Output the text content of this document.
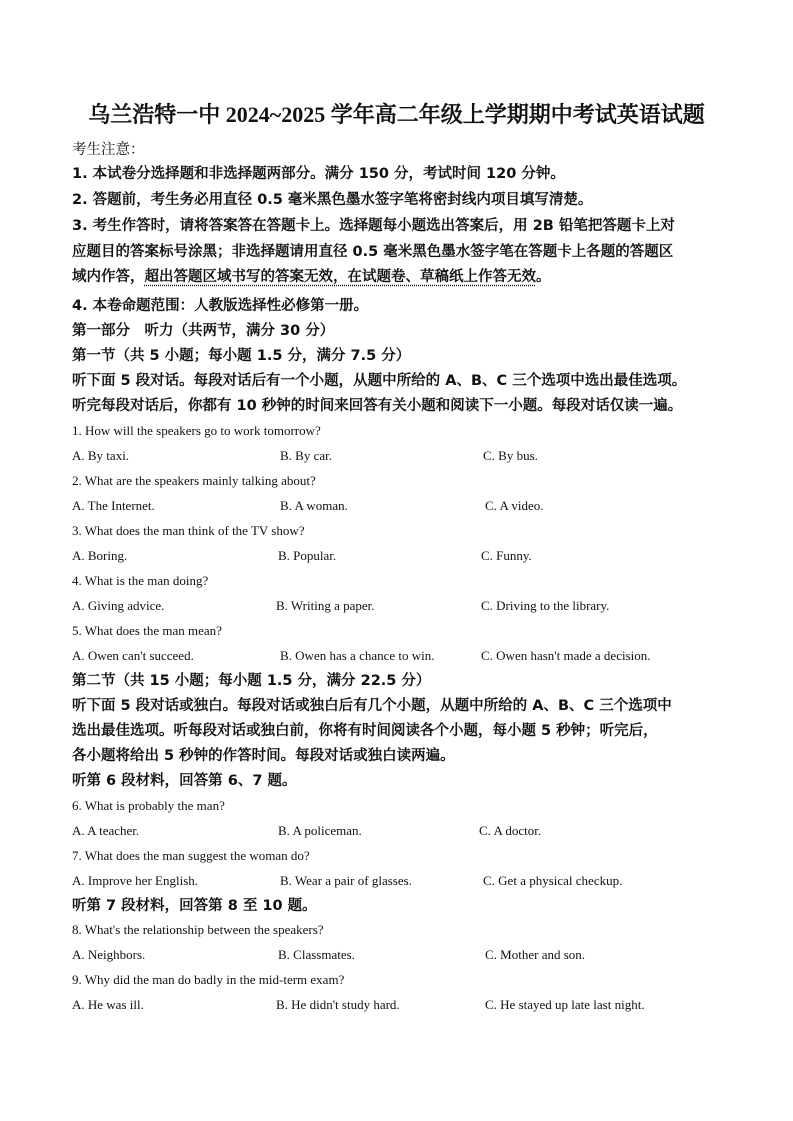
乌兰浩特一中 2024~2025 学年高二年级上学期期中考试英语试题
考生注意：
1. 本试卷分选择题和非选择题两部分。满分 150 分，考试时间 120 分钟。
2. 答题前，考生务必用直径 0.5 毫米黑色墨水签字笔将密封线内项目填写清楚。
3. 考生作答时，请将答案答在答题卡上。选择题每小题选出答案后，用 2B 铅笔把答题卡上对
应题目的答案标号涂黑；非选择题请用直径 0.5 毫米黑色墨水签字笔在答题卡上各题的答题区
域内作答，超出答题区域书写的答案无效，在试题卷、草稿纸上作答无效。
4. 本卷命题范围：人教版选择性必修第一册。
第一部分　听力（共两节，满分 30 分）
第一节（共 5 小题；每小题 1.5 分，满分 7.5 分）
听下面 5 段对话。每段对话后有一个小题，从题中所给的 A、B、C 三个选项中选出最佳选项。
听完每段对话后，你都有 10 秒钟的时间来回答有关小题和阅读下一小题。每段对话仅读一遍。
1. How will the speakers go to work tomorrow?
A. By taxi.	B. By car.	C. By bus.
2. What are the speakers mainly talking about?
A. The Internet.	B. A woman.	C. A video.
3. What does the man think of the TV show?
A. Boring.	B. Popular.	C. Funny.
4. What is the man doing?
A. Giving advice.	B. Writing a paper.	C. Driving to the library.
5. What does the man mean?
A. Owen can't succeed.	B. Owen has a chance to win.	C. Owen hasn't made a decision.
第二节（共 15 小题；每小题 1.5 分，满分 22.5 分）
听下面 5 段对话或独白。每段对话或独白后有几个小题，从题中所给的 A、B、C 三个选项中
选出最佳选项。听每段对话或独白前，你将有时间阅读各个小题，每小题 5 秒钟；听完后，
各小题将给出 5 秒钟的作答时间。每段对话或独白读两遍。
听第 6 段材料，回答第 6、7 题。
6. What is probably the man?
A. A teacher.	B. A policeman.	C. A doctor.
7. What does the man suggest the woman do?
A. Improve her English.	B. Wear a pair of glasses.	C. Get a physical checkup.
听第 7 段材料，回答第 8 至 10 题。
8. What's the relationship between the speakers?
A. Neighbors.	B. Classmates.	C. Mother and son.
9. Why did the man do badly in the mid-term exam?
A. He was ill.	B. He didn't study hard.	C. He stayed up late last night.
